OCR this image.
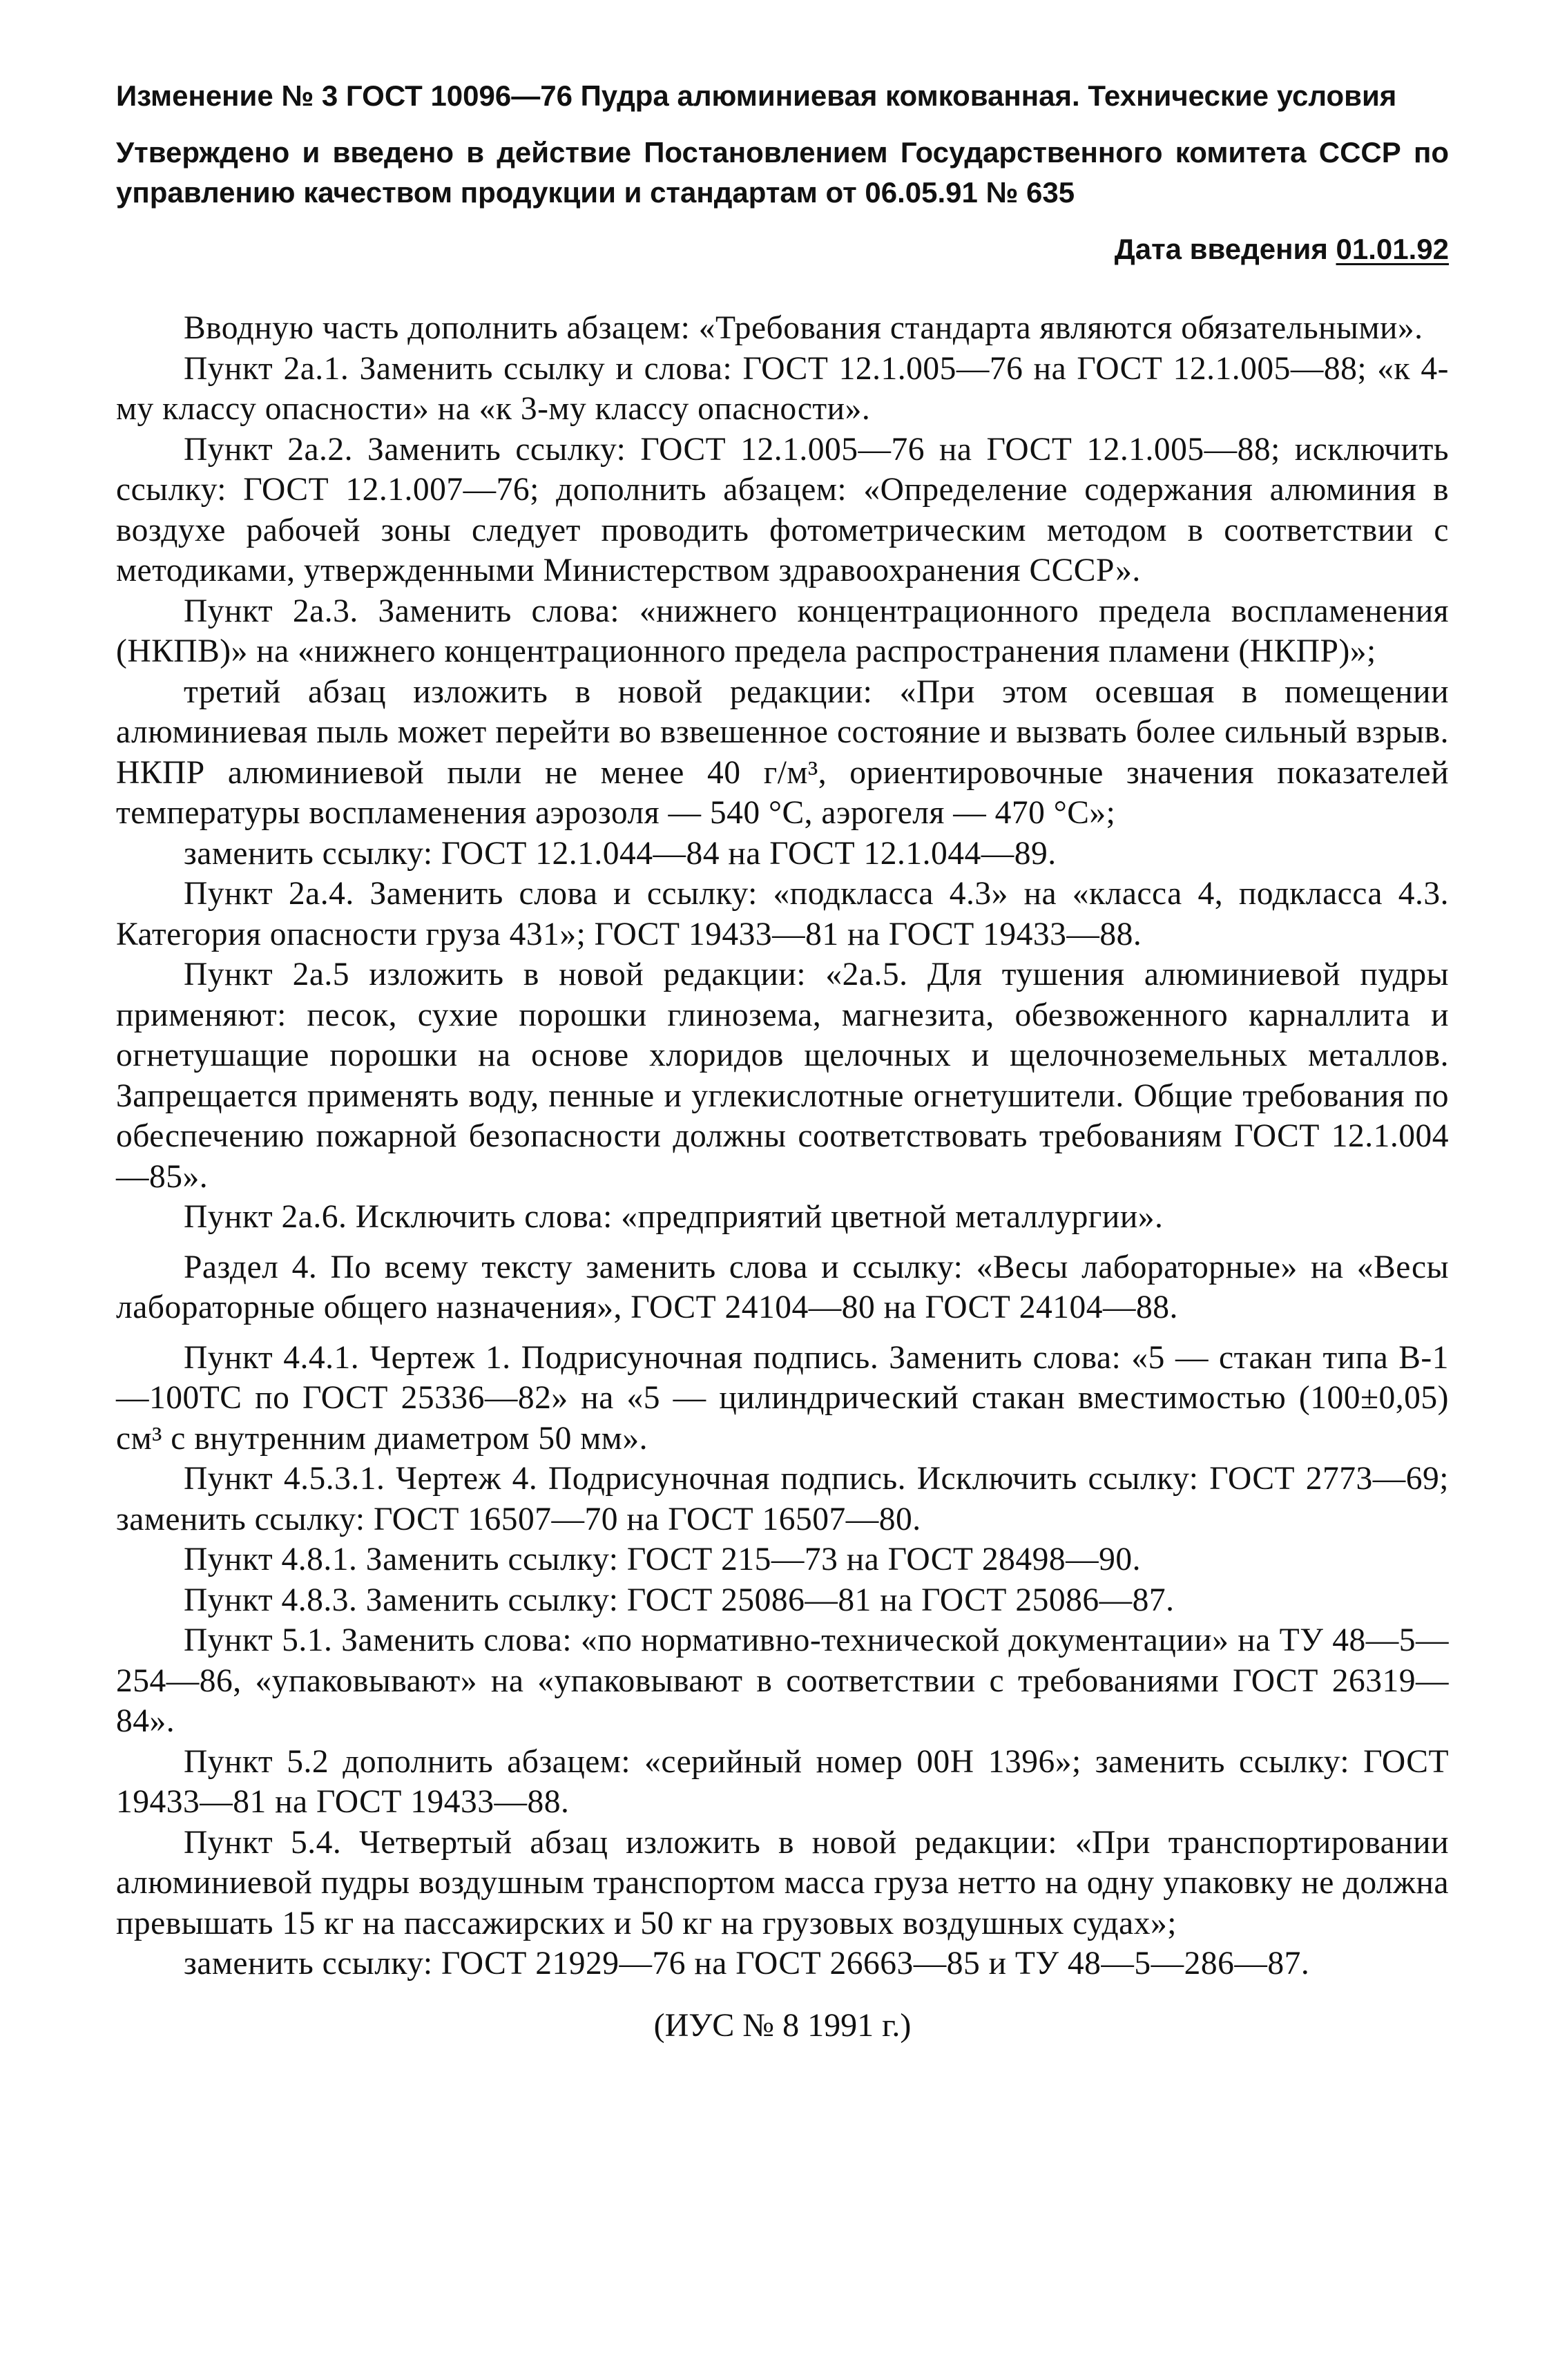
Изменение № 3 ГОСТ 10096—76 Пудра алюминиевая комкованная. Технические условия

Утверждено и введено в действие Постановлением Государственного комитета СССР по управлению качеством продукции и стандартам от 06.05.91 № 635

Дата введения 01.01.92

Вводную часть дополнить абзацем: «Требования стандарта являются обязательными».

Пункт 2а.1. Заменить ссылку и слова: ГОСТ 12.1.005—76 на ГОСТ 12.1.005—88; «к 4-му классу опасности» на «к 3-му классу опасности».

Пункт 2а.2. Заменить ссылку: ГОСТ 12.1.005—76 на ГОСТ 12.1.005—88; исключить ссылку: ГОСТ 12.1.007—76; дополнить абзацем: «Определение содержания алюминия в воздухе рабочей зоны следует проводить фотометрическим методом в соответствии с методиками, утвержденными Министерством здравоохранения СССР».

Пункт 2а.3. Заменить слова: «нижнего концентрационного предела воспламенения (НКПВ)» на «нижнего концентрационного предела распространения пламени (НКПР)»;

третий абзац изложить в новой редакции: «При этом осевшая в помещении алюминиевая пыль может перейти во взвешенное состояние и вызвать более сильный взрыв. НКПР алюминиевой пыли не менее 40 г/м³, ориентировочные значения показателей температуры воспламенения аэрозоля — 540 °С, аэрогеля — 470 °С»;

заменить ссылку: ГОСТ 12.1.044—84 на ГОСТ 12.1.044—89.

Пункт 2а.4. Заменить слова и ссылку: «подкласса 4.3» на «класса 4, подкласса 4.3. Категория опасности груза 431»; ГОСТ 19433—81 на ГОСТ 19433—88.

Пункт 2а.5 изложить в новой редакции: «2а.5. Для тушения алюминиевой пудры применяют: песок, сухие порошки глинозема, магнезита, обезвоженного карналлита и огнетушащие порошки на основе хлоридов щелочных и щелочноземельных металлов. Запрещается применять воду, пенные и углекислотные огнетушители. Общие требования по обеспечению пожарной безопасности должны соответствовать требованиям ГОСТ 12.1.004—85».

Пункт 2а.6. Исключить слова: «предприятий цветной металлургии».

Раздел 4. По всему тексту заменить слова и ссылку: «Весы лабораторные» на «Весы лабораторные общего назначения», ГОСТ 24104—80 на ГОСТ 24104—88.

Пункт 4.4.1. Чертеж 1. Подрисуночная подпись. Заменить слова: «5 — стакан типа В-1—100ТС по ГОСТ 25336—82» на «5 — цилиндрический стакан вместимостью (100±0,05) см³ с внутренним диаметром 50 мм».

Пункт 4.5.3.1. Чертеж 4. Подрисуночная подпись. Исключить ссылку: ГОСТ 2773—69; заменить ссылку: ГОСТ 16507—70 на ГОСТ 16507—80.

Пункт 4.8.1. Заменить ссылку: ГОСТ 215—73 на ГОСТ 28498—90.

Пункт 4.8.3. Заменить ссылку: ГОСТ 25086—81 на ГОСТ 25086—87.

Пункт 5.1. Заменить слова: «по нормативно-технической документации» на ТУ 48—5—254—86, «упаковывают» на «упаковывают в соответствии с требованиями ГОСТ 26319—84».

Пункт 5.2 дополнить абзацем: «серийный номер 00Н 1396»; заменить ссылку: ГОСТ 19433—81 на ГОСТ 19433—88.

Пункт 5.4. Четвертый абзац изложить в новой редакции: «При транспортировании алюминиевой пудры воздушным транспортом масса груза нетто на одну упаковку не должна превышать 15 кг на пассажирских и 50 кг на грузовых воздушных судах»;

заменить ссылку: ГОСТ 21929—76 на ГОСТ 26663—85 и ТУ 48—5—286—87.

(ИУС № 8 1991 г.)
